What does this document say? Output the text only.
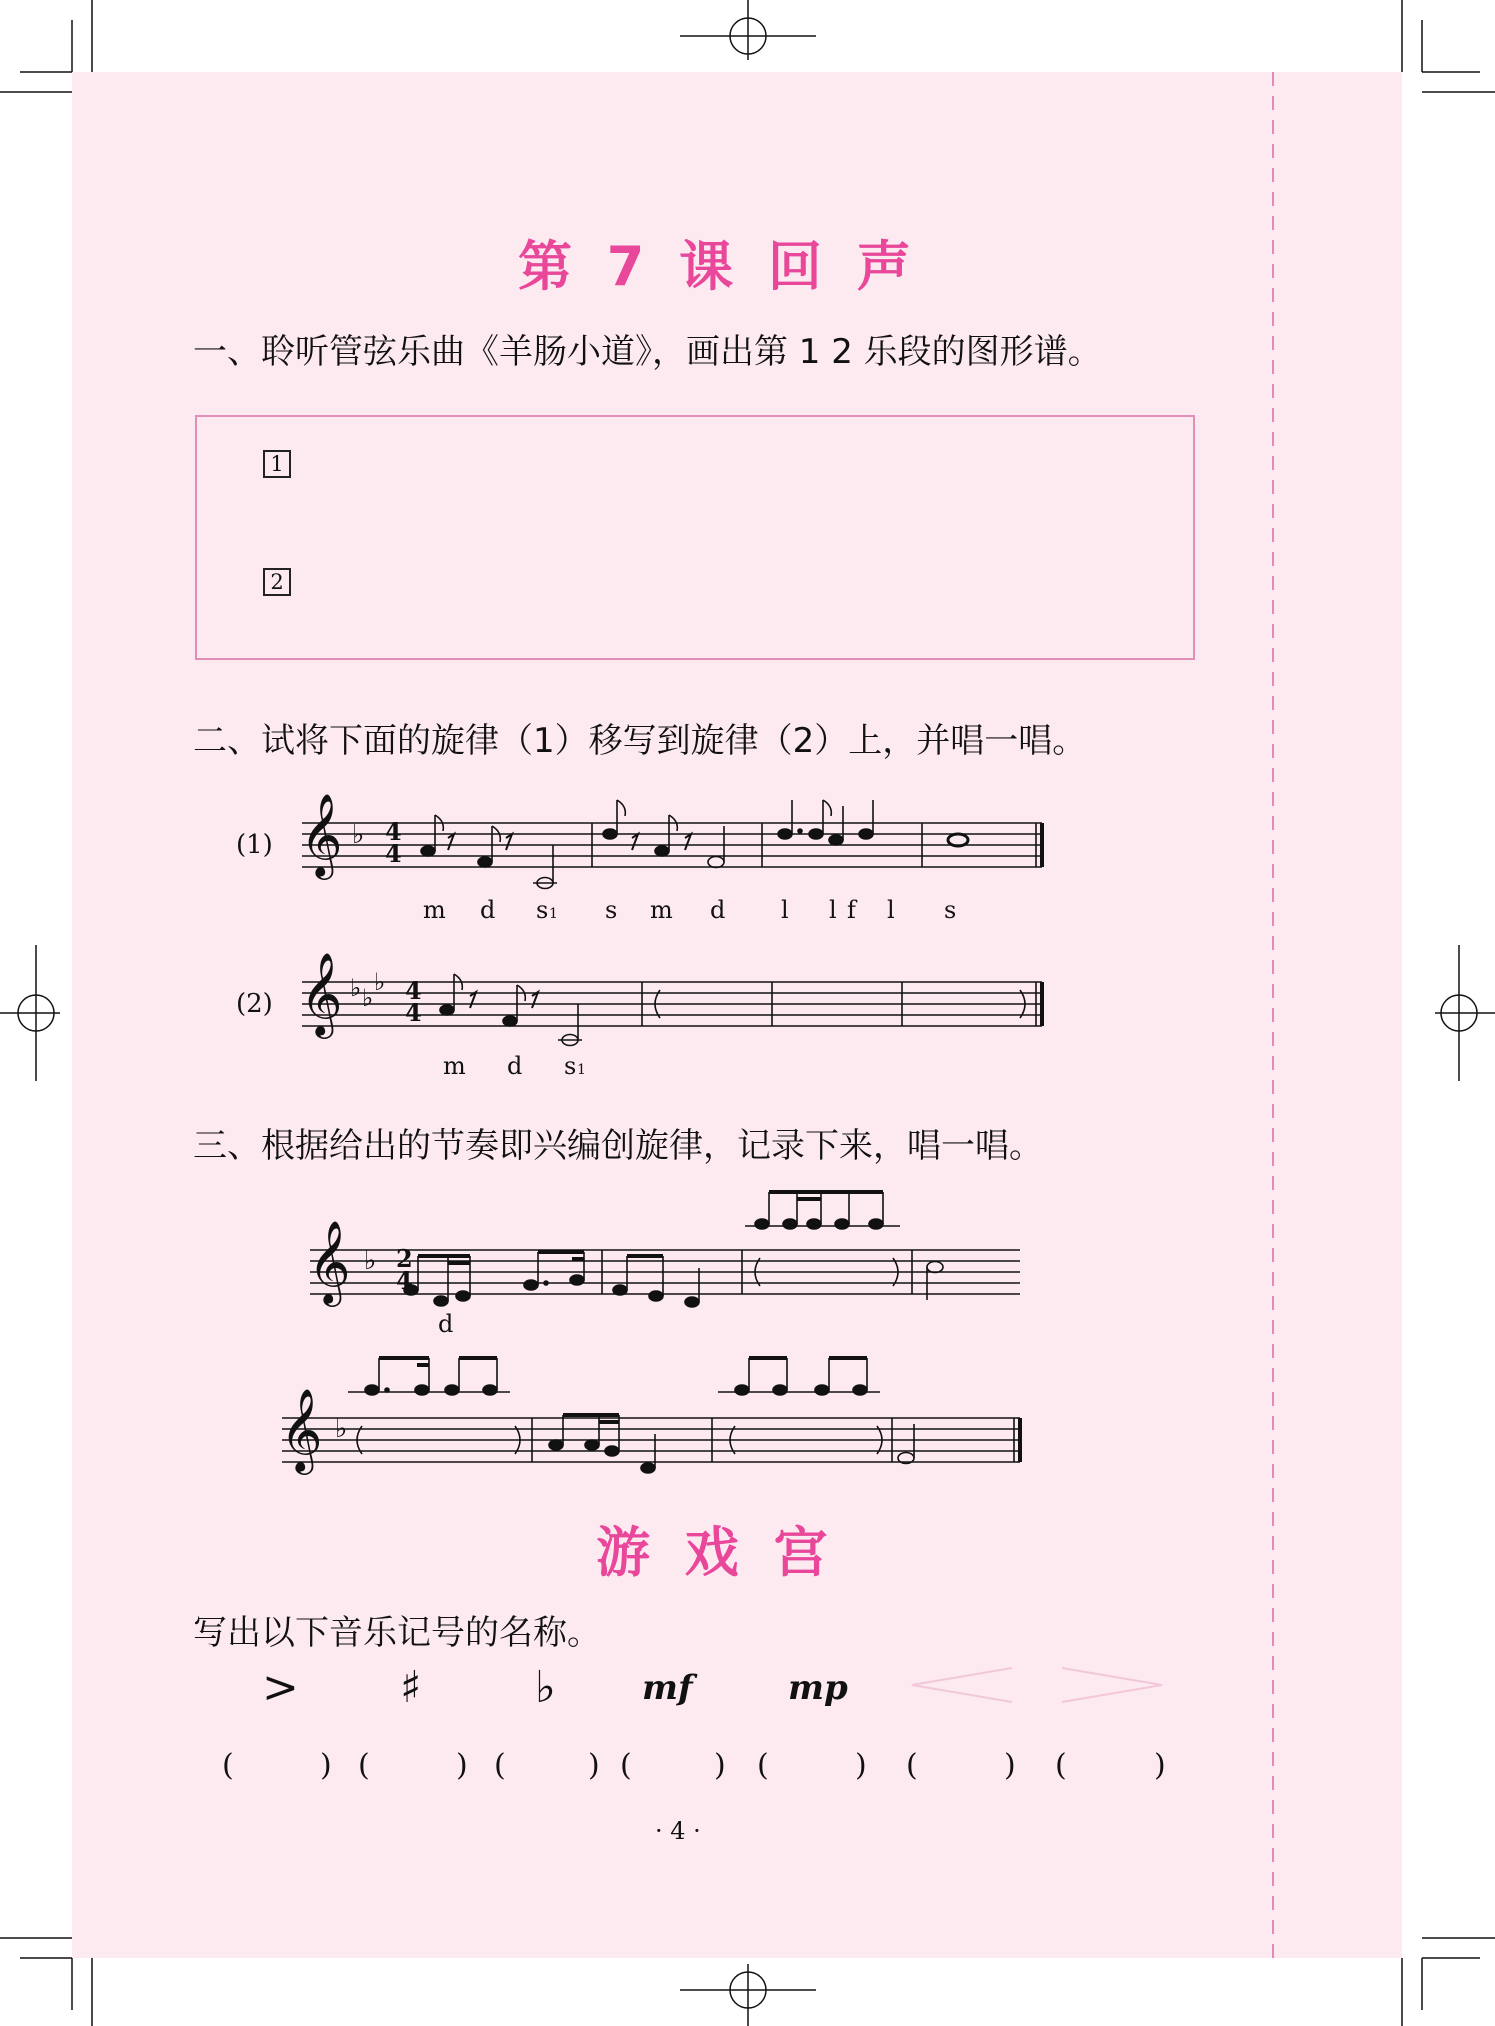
第 7 课 回 声
一、聆听管弦乐曲《羊肠小道》，画出第 1 2 乐段的图形谱。
1
2
二、试将下面的旋律（1）移写到旋律（2）上，并唱一唱。
(1) 𝄞 ♭ 4
4
m d s 1 s m d l l f l s
(2) 𝄞 ♭ ♭
♭ 4
4
m d s 1
三、根据给出的节奏即兴编创旋律，记录下来，唱一唱。
𝄞 ♭ 2
4
d
𝄞 ♭
游 戏 宫
写出以下音乐记号的名称。
> ♯	♭	mf	mp
(	) (	) (	) (	) (	) (	) (	)
· 4 ·
